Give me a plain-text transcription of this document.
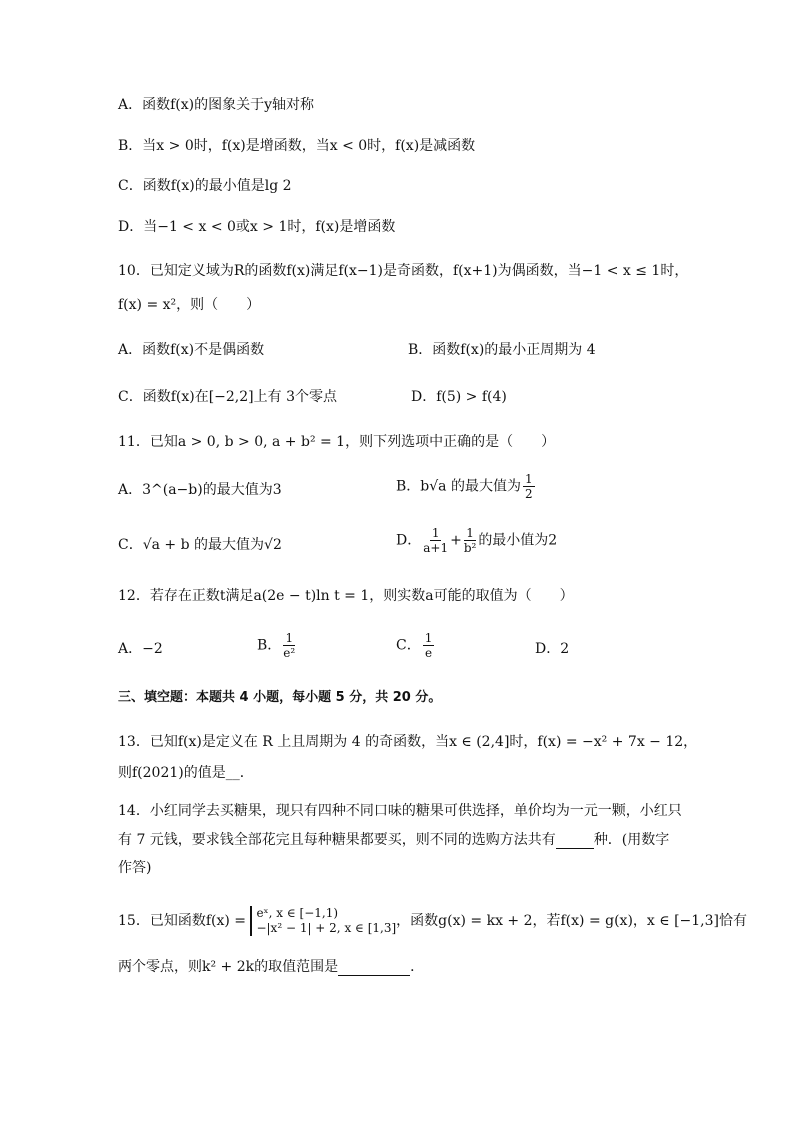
A．函数f(x)的图象关于y轴对称
B．当x > 0时，f(x)是增函数，当x < 0时，f(x)是减函数
C．函数f(x)的最小值是lg 2
D．当−1 < x < 0或x > 1时，f(x)是增函数
10．已知定义域为R的函数f(x)满足f(x−1)是奇函数，f(x+1)为偶函数，当−1 < x ≤ 1时，
f(x) = x²，则（　　）
A．函数f(x)不是偶函数	B．函数f(x)的最小正周期为 4
C．函数f(x)在[−2,2]上有 3个零点	D．f(5) > f(4)
11．已知a > 0, b > 0, a + b² = 1，则下列选项中正确的是（　　）
A．3^(a−b)的最大值为3	B．b√a 的最大值为 $\frac{1}{2}$
C．√a + b 的最大值为√2	D． $\frac{1}{a+1} + \frac{1}{\text{b²}}$ 的最小值为2
12．若存在正数t满足a(2e − t)ln t = 1，则实数a可能的取值为（　　）
A．−2	B． $\frac{1}{\text{e²}}$	C． $\frac{1}{e}$	D．2
三、填空题：本题共 4 小题，每小题 5 分，共 20 分。
13．已知f(x)是定义在 R 上且周期为 4 的奇函数，当x ∈ (2,4]时，f(x) = −x² + 7x − 12，
则f(2021)的值是__．
14．小红同学去买糖果，现只有四种不同口味的糖果可供选择，单价均为一元一颗，小红只
有 7 元钱，要求钱全部花完且每种糖果都要买，则不同的选购方法共有	种．(用数字
作答)
15．已知函数f(x) = eˣ, x ∈ [−1,1)
−|x² − 1| + 2, x ∈ [1,3]，函数g(x) = kx + 2，若f(x) = g(x)，x ∈ [−1,3]恰有
两个零点，则k² + 2k的取值范围是	．
